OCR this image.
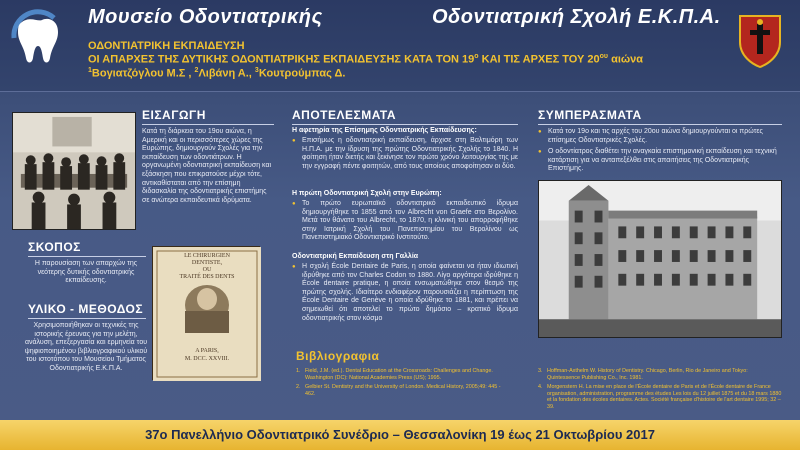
Μουσείο Οδοντιατρικής	Οδοντιατρική Σχολή Ε.Κ.Π.Α.
ΟΔΟΝΤΙΑΤΡΙΚΗ ΕΚΠΑΙΔΕΥΣΗ
ΟΙ ΑΠΑΡΧΕΣ ΤΗΣ ΔΥΤΙΚΗΣ ΟΔΟΝΤΙΑΤΡΙΚΗΣ ΕΚΠΑΙΔΕΥΣΗΣ ΚΑΤΑ ΤΟΝ $19^o$ ΚΑΙ ΤΙΣ ΑΡΧΕΣ ΤΟΥ $20^{o\upsilon}$ αιώνα
$^1$Βογιατζόγλου Μ.Σ , $^2$Λιβάνη Α., $^3$Κουτρούμπας Δ.
ΕΙΣΑΓΩΓΗ
Κατά τη διάρκεια του 19ου αιώνα, η Αμερική και οι περισσότερες χώρες της Ευρώπης, δημιουργούν Σχολές για την εκπαίδευση των οδοντιάτρων. Η οργανωμένη οδοντιατρική εκπαίδευση και εξάσκηση που επικρατούσε μέχρι τότε, αντικαθίσταται από την επίσημη διδασκαλία της οδοντιατρικής επιστήμης σε ανώτερα εκπαιδευτικά ιδρύματα.
ΣΚΟΠΟΣ
Η παρουσίαση των απαρχών της νεότερης δυτικής οδοντιατρικής εκπαίδευσης.
ΥΛΙΚΟ - ΜΕΘΟΔΟΣ
Χρησιμοποιήθηκαν οι τεχνικές της ιστορικής έρευνας για την μελέτη, ανάλυση, επεξεργασία και ερμηνεία του ψηφιοποιημένου βιβλιογραφικού υλικού του ιστοτόπου του Μουσείου Τμήματος Οδοντιατρικής Ε.Κ.Π.Α.
LE CHIRURGIEN
DENTISTE,
OU
TRAITÉ DES DENTS
A PARIS,
M. DCC. XXVIII.
ΑΠΟΤΕΛΕΣΜΑΤΑ
Η αφετηρία της Επίσημης Οδοντιατρικής Εκπαίδευσης:
● Επισήμως η οδοντιατρική εκπαίδευση, άρχισε στη Βαλτιμόρη των Η.Π.Α. με την ίδρυση της πρώτης Οδοντιατρικής Σχολής το 1840. Η φοίτηση ήταν διετής και ξεκίνησε τον πρώτο χρόνο λειτουργίας της με την εγγραφή πέντε φοιτητών, από τους οποίους αποφοίτησαν οι δύο.
Η πρώτη Οδοντιατρική Σχολή στην Ευρώπη:
● Το πρώτο ευρωπαϊκό οδοντιατρικό εκπαιδευτικό ίδρυμα δημιουργήθηκε το 1855 από τον Albrecht von Graefe στο Βερολίνο. Μετά τον θάνατο του Albrecht, το 1870, η κλινική του απορροφήθηκε στην Ιατρική Σχολή του Πανεπιστημίου του Βερολίνου ως Πανεπιστημιακό Οδοντιατρικό Ινστιτούτο.
Οδοντιατρική Εκπαίδευση στη Γαλλία
● Η σχολή École Dentaire de Paris, η οποία φαίνεται να ήταν ιδιωτική ιδρύθηκε από τον Charles Codon το 1880. Λίγο αργότερα ιδρύθηκε η École dentaire pratique, η οποία ενσωματώθηκε στον θεσμό της πρώτης σχολής. Ιδιαίτερο ενδιαφέρον παρουσιάζει η περίπτωση της École Dentaire de Genève η οποία ιδρύθηκε το 1881, και πρέπει να σημειωθεί ότι αποτελεί το πρώτο δημόσιο – κρατικό ίδρυμα οδοντιατρικής στον κόσμο
ΣΥΜΠΕΡΑΣΜΑΤΑ
● Κατά τον 19ο και τις αρχές του 20ου αιώνα δημιουργούνται οι πρώτες επίσημες Οδοντιατρικές Σχολές.
● Ο οδοντίατρος διαθέτει την αναγκαία επιστημονική εκπαίδευση και τεχνική κατάρτιση για να ανταπεξέλθει στις απαιτήσεις της Οδοντιατρικής Επιστήμης.
Βιβλιογραφια
1. Field, J.M. (ed.). Dental Education at the Crossroads: Challenges and Change. Washington (DC): National Academies Press (US); 1995.
2. Gelbier St. Dentistry and the University of London. Medical History, 2005;49: 445 - 462.
3. Hoffman-Axthelm W. History of Dentistry. Chicago, Berlin, Rio de Janeiro and Tokyo: Quintessence Publishing Co., Inc. 1981.
4. Morgenstern H. La mise en place de l'École dentaire de Paris et de l'École dentaire de France organisation, administration, programme des études Les lois du 12 juillet 1875 et du 18 mars 1880 et la fondation des écoles dentaires. Actes. Société française d'histoire de l'art dentaire 1995; 32 – 39.
37ο Πανελλήνιο Οδοντιατρικό Συνέδριο – Θεσσαλονίκη 19 έως 21 Οκτωβρίου 2017
